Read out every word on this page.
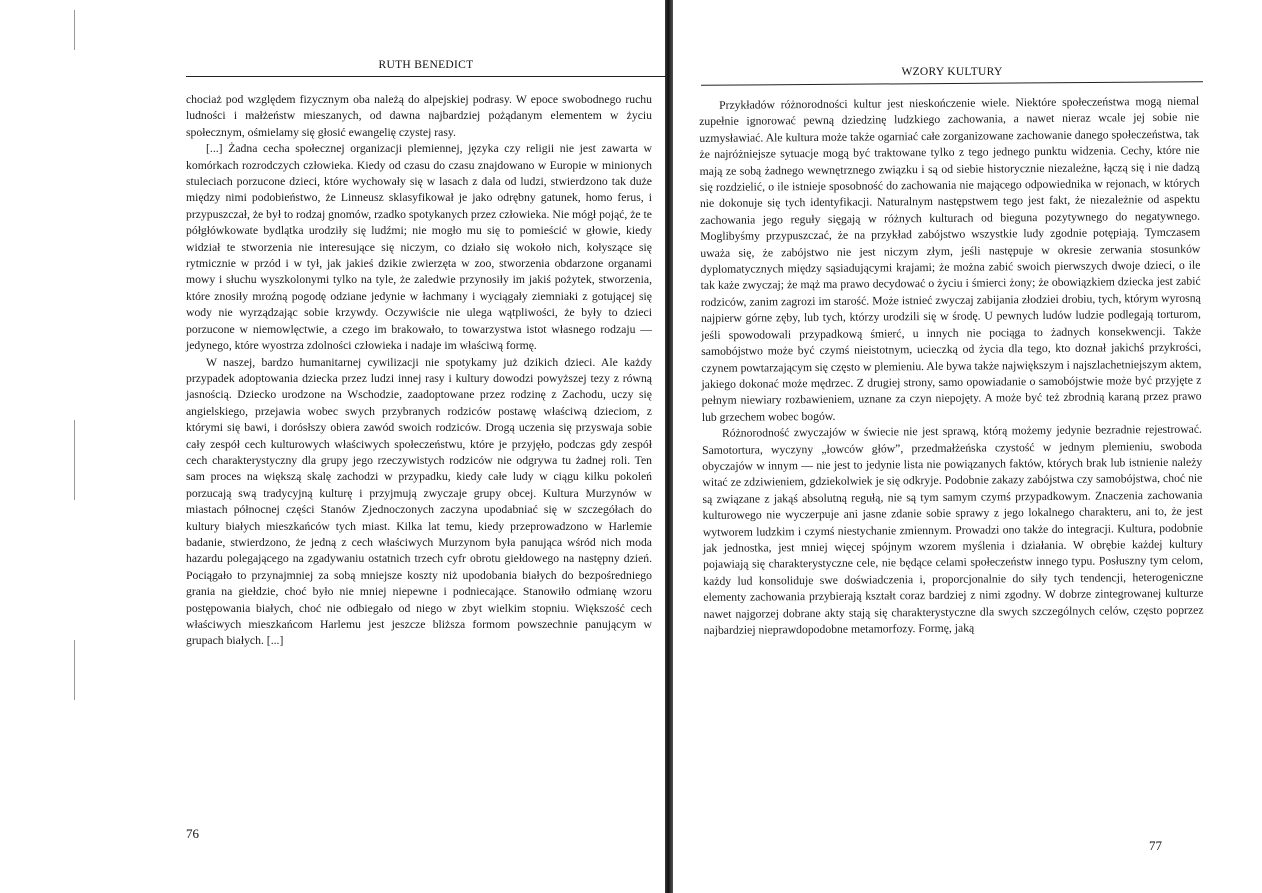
RUTH BENEDICT

chociaż pod względem fizycznym oba należą do alpejskiej podrasy. W epoce swobodnego ruchu ludności i małżeństw mieszanych, od dawna najbardziej pożądanym elementem w życiu społecznym, ośmielamy się głosić ewangelię czystej rasy.

[...] Żadna cecha społecznej organizacji plemiennej, języka czy religii nie jest zawarta w komórkach rozrodczych człowieka. Kiedy od czasu do czasu znajdowano w Europie w minionych stuleciach porzucone dzieci, które wychowały się w lasach z dala od ludzi, stwierdzono tak duże między nimi podobieństwo, że Linneusz sklasyfikował je jako odrębny gatunek, homo ferus, i przypuszczał, że był to rodzaj gnomów, rzadko spotykanych przez człowieka. Nie mógł pojąć, że te półgłówkowate bydlątka urodziły się ludźmi; nie mogło mu się to pomieścić w głowie, kiedy widział te stworzenia nie interesujące się niczym, co działo się wokoło nich, kołyszące się rytmicznie w przód i w tył, jak jakieś dzikie zwierzęta w zoo, stworzenia obdarzone organami mowy i słuchu wyszkolonymi tylko na tyle, że zaledwie przynosiły im jakiś pożytek, stworzenia, które znosiły mroźną pogodę odziane jedynie w łachmany i wyciągały ziemniaki z gotującej się wody nie wyrządzając sobie krzywdy. Oczywiście nie ulega wątpliwości, że były to dzieci porzucone w niemowlęctwie, a czego im brakowało, to towarzystwa istot własnego rodzaju — jedynego, które wyostrza zdolności człowieka i nadaje im właściwą formę.

W naszej, bardzo humanitarnej cywilizacji nie spotykamy już dzikich dzieci. Ale każdy przypadek adoptowania dziecka przez ludzi innej rasy i kultury dowodzi powyższej tezy z równą jasnością. Dziecko urodzone na Wschodzie, zaadoptowane przez rodzinę z Zachodu, uczy się angielskiego, przejawia wobec swych przybranych rodziców postawę właściwą dzieciom, z którymi się bawi, i dorósłszy obiera zawód swoich rodziców. Drogą uczenia się przyswaja sobie cały zespół cech kulturowych właściwych społeczeństwu, które je przyjęło, podczas gdy zespół cech charakterystyczny dla grupy jego rzeczywistych rodziców nie odgrywa tu żadnej roli. Ten sam proces na większą skalę zachodzi w przypadku, kiedy całe ludy w ciągu kilku pokoleń porzucają swą tradycyjną kulturę i przyjmują zwyczaje grupy obcej. Kultura Murzynów w miastach północnej części Stanów Zjednoczonych zaczyna upodabniać się w szczegółach do kultury białych mieszkańców tych miast. Kilka lat temu, kiedy przeprowadzono w Harlemie badanie, stwierdzono, że jedną z cech właściwych Murzynom była panująca wśród nich moda hazardu polegającego na zgadywaniu ostatnich trzech cyfr obrotu giełdowego na następny dzień. Pociągało to przynajmniej za sobą mniejsze koszty niż upodobania białych do bezpośredniego grania na giełdzie, choć było nie mniej niepewne i podniecające. Stanowiło odmianę wzoru postępowania białych, choć nie odbiegało od niego w zbyt wielkim stopniu. Większość cech właściwych mieszkańcom Harlemu jest jeszcze bliższa formom powszechnie panującym w grupach białych. [...]

76
WZORY KULTURY

Przykładów różnorodności kultur jest nieskończenie wiele. Niektóre społeczeństwa mogą niemal zupełnie ignorować pewną dziedzinę ludzkiego zachowania, a nawet nieraz wcale jej sobie nie uzmysławiać. Ale kultura może także ogarniać całe zorganizowane zachowanie danego społeczeństwa, tak że najróżniejsze sytuacje mogą być traktowane tylko z tego jednego punktu widzenia. Cechy, które nie mają ze sobą żadnego wewnętrznego związku i są od siebie historycznie niezależne, łączą się i nie dadzą się rozdzielić, o ile istnieje sposobność do zachowania nie mającego odpowiednika w rejonach, w których nie dokonuje się tych identyfikacji. Naturalnym następstwem tego jest fakt, że niezależnie od aspektu zachowania jego reguły sięgają w różnych kulturach od bieguna pozytywnego do negatywnego. Moglibyśmy przypuszczać, że na przykład zabójstwo wszystkie ludy zgodnie potępiają. Tymczasem uważa się, że zabójstwo nie jest niczym złym, jeśli następuje w okresie zerwania stosunków dyplomatycznych między sąsiadującymi krajami; że można zabić swoich pierwszych dwoje dzieci, o ile tak każe zwyczaj; że mąż ma prawo decydować o życiu i śmierci żony; że obowiązkiem dziecka jest zabić rodziców, zanim zagrozi im starość. Może istnieć zwyczaj zabijania złodziei drobiu, tych, którym wyrosną najpierw górne zęby, lub tych, którzy urodzili się w środę. U pewnych ludów ludzie podlegają torturom, jeśli spowodowali przypadkową śmierć, u innych nie pociąga to żadnych konsekwencji. Także samobójstwo może być czymś nieistotnym, ucieczką od życia dla tego, kto doznał jakichś przykrości, czynem powtarzającym się często w plemieniu. Ale bywa także największym i najszlachetniejszym aktem, jakiego dokonać może mędrzec. Z drugiej strony, samo opowiadanie o samobójstwie może być przyjęte z pełnym niewiary rozbawieniem, uznane za czyn niepojęty. A może być też zbrodnią karaną przez prawo lub grzechem wobec bogów.

Różnorodność zwyczajów w świecie nie jest sprawą, którą możemy jedynie bezradnie rejestrować. Samotortura, wyczyny „łowców głów”, przedmałżeńska czystość w jednym plemieniu, swoboda obyczajów w innym — nie jest to jedynie lista nie powiązanych faktów, których brak lub istnienie należy witać ze zdziwieniem, gdziekolwiek je się odkryje. Podobnie zakazy zabójstwa czy samobójstwa, choć nie są związane z jakąś absolutną regułą, nie są tym samym czymś przypadkowym. Znaczenia zachowania kulturowego nie wyczerpuje ani jasne zdanie sobie sprawy z jego lokalnego charakteru, ani to, że jest wytworem ludzkim i czymś niestychanie zmiennym. Prowadzi ono także do integracji. Kultura, podobnie jak jednostka, jest mniej więcej spójnym wzorem myślenia i działania. W obrębie każdej kultury pojawiają się charakterystyczne cele, nie będące celami społeczeństw innego typu. Posłuszny tym celom, każdy lud konsoliduje swe doświadczenia i, proporcjonalnie do siły tych tendencji, heterogeniczne elementy zachowania przybierają kształt coraz bardziej z nimi zgodny. W dobrze zintegrowanej kulturze nawet najgorzej dobrane akty stają się charakterystyczne dla swych szczególnych celów, często poprzez najbardziej nieprawdopodobne metamorfozy. Formę, jaką

77
